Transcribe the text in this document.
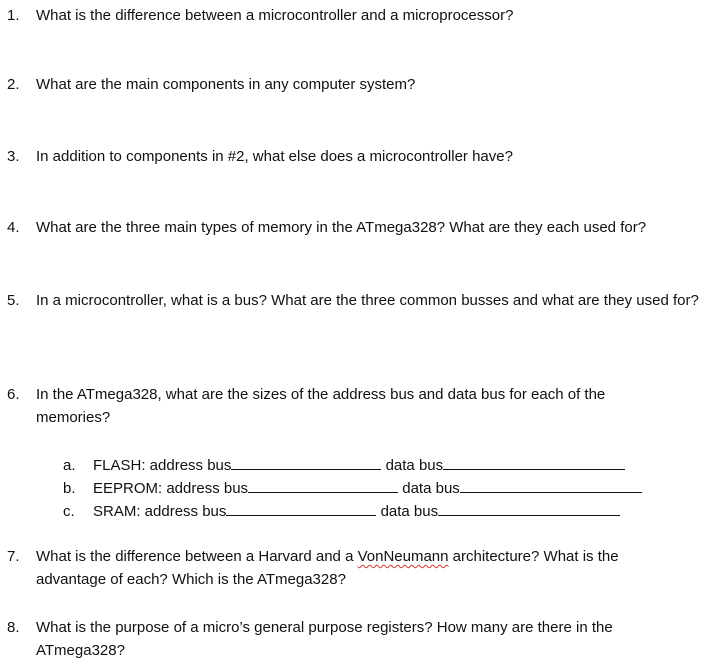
1.	What is the difference between a microcontroller and a microprocessor?
2.	What are the main components in any computer system?
3.	In addition to components in #2, what else does a microcontroller have?
4.	What are the three main types of memory in the ATmega328? What are they each used for?
5.	In a microcontroller, what is a bus? What are the three common busses and what are they used for?
6.	In the ATmega328, what are the sizes of the address bus and data bus for each of the memories?
a. FLASH: address bus	data bus
b. EEPROM: address bus	data bus
c. SRAM: address bus	data bus
7.	What is the difference between a Harvard and a VonNeumann architecture? What is the advantage of each? Which is the ATmega328?
8.	What is the purpose of a micro’s general purpose registers? How many are there in the ATmega328?
